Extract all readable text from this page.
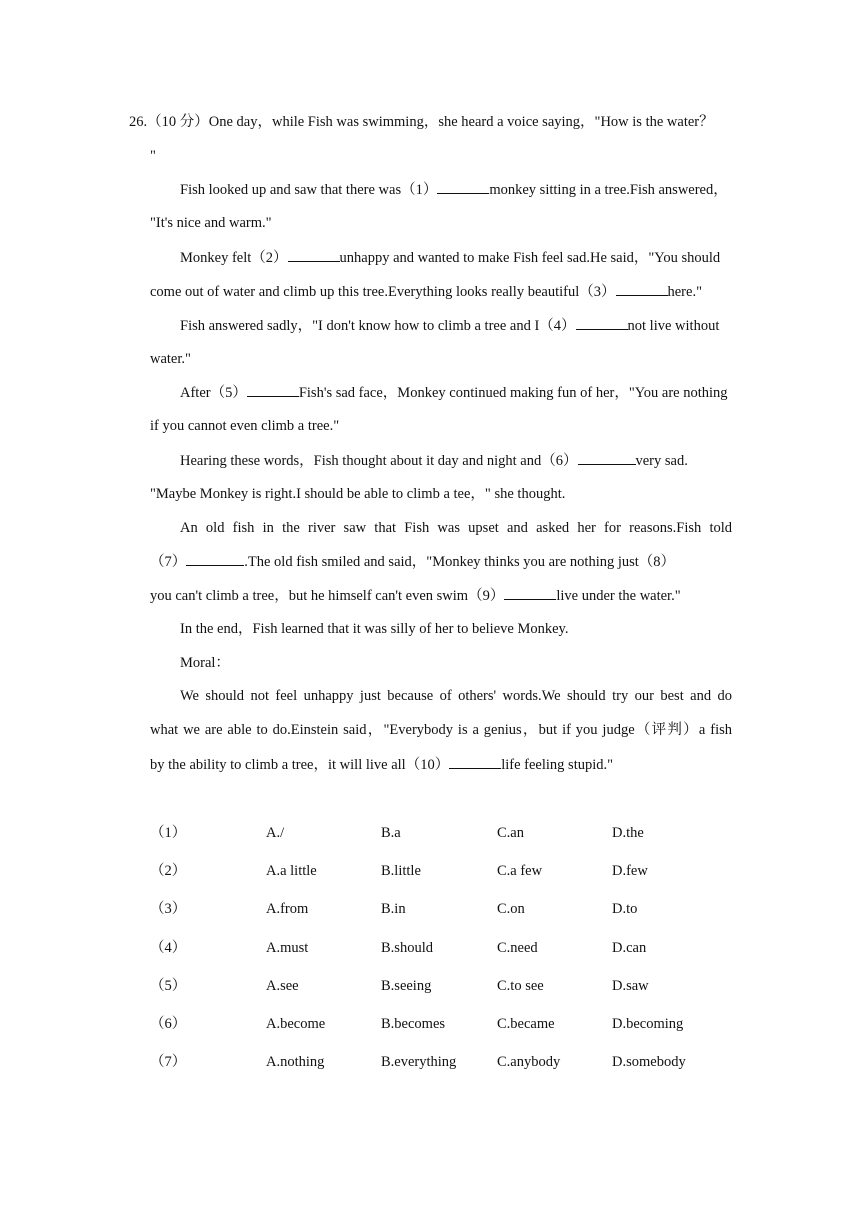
26.（10 分）One day，while Fish was swimming，she heard a voice saying，"How is the water？
"
Fish looked up and saw that there was（1）	monkey sitting in a tree.Fish answered，
"It's nice and warm."
Monkey felt（2）	unhappy and wanted to make Fish feel sad.He said，"You should
come out of water and climb up this tree.Everything looks really beautiful（3）	here."
Fish answered sadly，"I don't know how to climb a tree and I（4）	not live without
water."
After（5）	Fish's sad face，Monkey continued making fun of her，"You are nothing
if you cannot even climb a tree."
Hearing these words，Fish thought about it day and night and（6）	very sad.
"Maybe Monkey is right.I should be able to climb a tee，" she thought.
An old fish in the river saw that Fish was upset and asked her for reasons.Fish told
（7）	.The old fish smiled and said，"Monkey thinks you are nothing just（8）
you can't climb a tree，but he himself can't even swim（9）	live under the water."
In the end，Fish learned that it was silly of her to believe Monkey.
Moral：
We should not feel unhappy just because of others' words.We should try our best and do
what we are able to do.Einstein said，"Everybody is a genius，but if you judge（评判）a fish
by the ability to climb a tree，it will live all（10）	life feeling stupid."
（1）	A./	B.a	C.an	D.the
（2）	A.a little	B.little	C.a few	D.few
（3）	A.from	B.in	C.on	D.to
（4）	A.must	B.should	C.need	D.can
（5）	A.see	B.seeing	C.to see	D.saw
（6）	A.become	B.becomes	C.became	D.becoming
（7）	A.nothing	B.everything	C.anybody	D.somebody
